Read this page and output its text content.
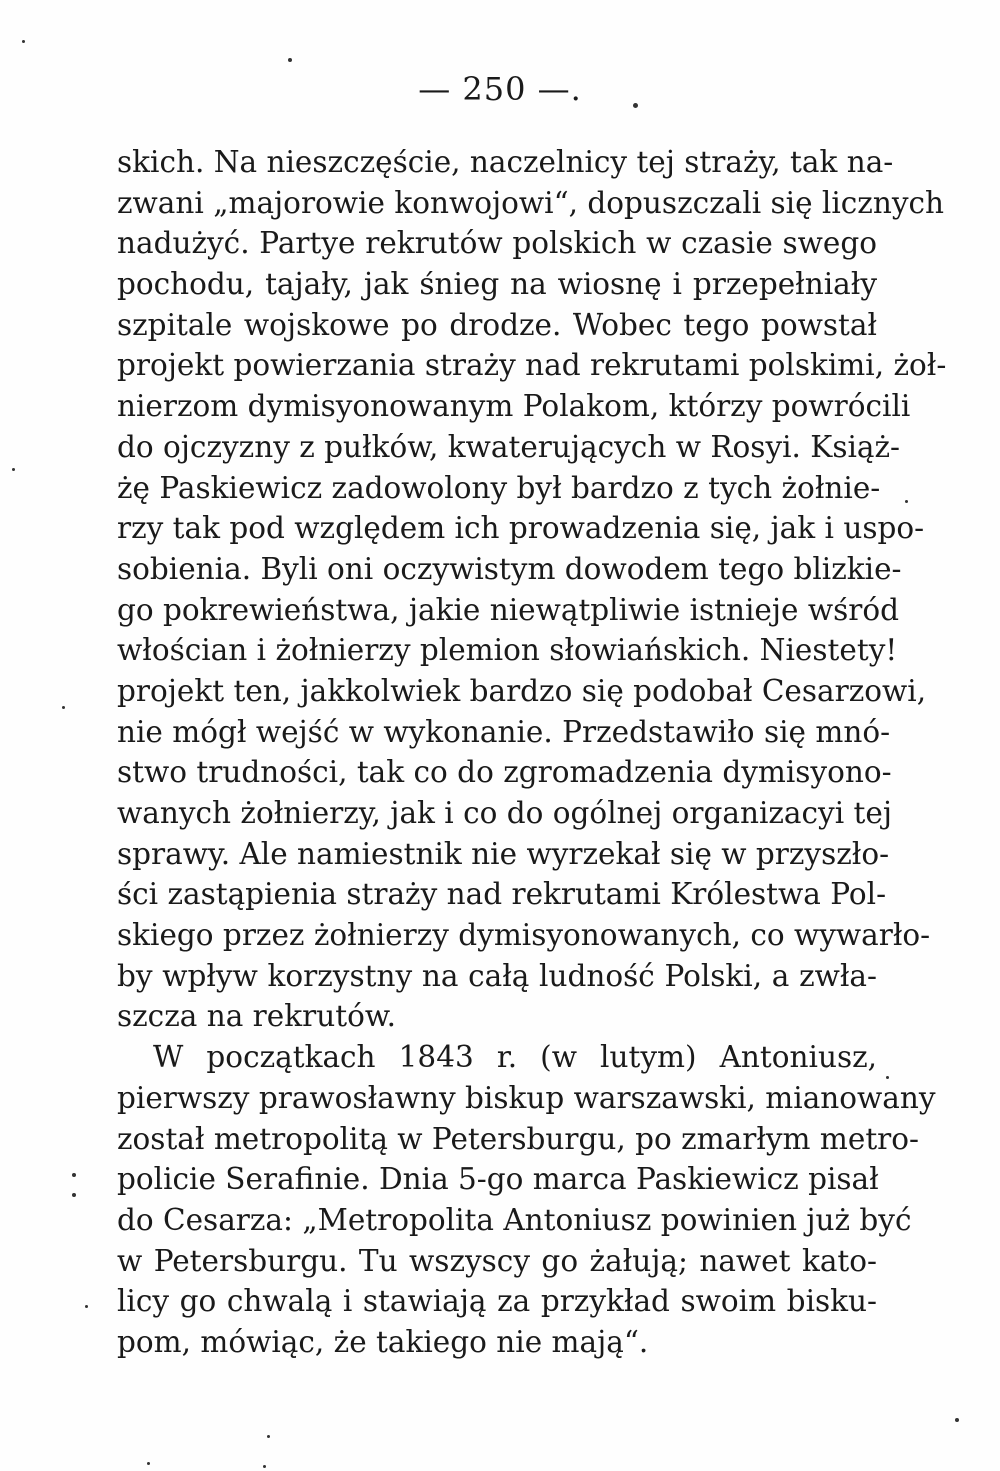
— 250 —.
skich. Na nieszczęście, naczelnicy tej straży, tak na-
zwani „majorowie konwojowi“, dopuszczali się licznych
nadużyć. Partye rekrutów polskich w czasie swego
pochodu, tajały, jak śnieg na wiosnę i przepełniały
szpitale wojskowe po drodze. Wobec tego powstał
projekt powierzania straży nad rekrutami polskimi, żoł-
nierzom dymisyonowanym Polakom, którzy powrócili
do ojczyzny z pułków, kwaterujących w Rosyi. Książ-
żę Paskiewicz zadowolony był bardzo z tych żołnie-
rzy tak pod względem ich prowadzenia się, jak i uspo-
sobienia. Byli oni oczywistym dowodem tego blizkie-
go pokrewieństwa, jakie niewątpliwie istnieje wśród
włościan i żołnierzy plemion słowiańskich. Niestety!
projekt ten, jakkolwiek bardzo się podobał Cesarzowi,
nie mógł wejść w wykonanie. Przedstawiło się mnó-
stwo trudności, tak co do zgromadzenia dymisyono-
wanych żołnierzy, jak i co do ogólnej organizacyi tej
sprawy. Ale namiestnik nie wyrzekał się w przyszło-
ści zastąpienia straży nad rekrutami Królestwa Pol-
skiego przez żołnierzy dymisyonowanych, co wywarło-
by wpływ korzystny na całą ludność Polski, a zwła-
szcza na rekrutów.
W początkach 1843 r. (w lutym) Antoniusz,
pierwszy prawosławny biskup warszawski, mianowany
został metropolitą w Petersburgu, po zmarłym metro-
policie Serafinie. Dnia 5-go marca Paskiewicz pisał
do Cesarza: „Metropolita Antoniusz powinien już być
w Petersburgu. Tu wszyscy go żałują; nawet kato-
licy go chwalą i stawiają za przykład swoim bisku-
pom, mówiąc, że takiego nie mają“.
